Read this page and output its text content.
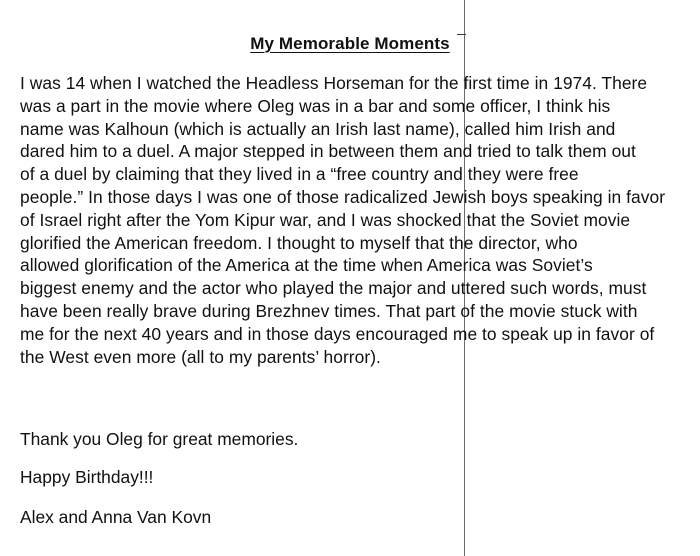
My Memorable Moments
I was 14 when I watched the Headless Horseman for the first time in 1974. There
was a part in the movie where Oleg was in a bar and some officer, I think his
name was Kalhoun (which is actually an Irish last name), called him Irish and
dared him to a duel. A major stepped in between them and tried to talk them out
of a duel by claiming that they lived in a “free country and they were free
people.” In those days I was one of those radicalized Jewish boys speaking in favor
of Israel right after the Yom Kipur war, and I was shocked that the Soviet movie
glorified the American freedom. I thought to myself that the director, who
allowed glorification of the America at the time when America was Soviet’s
biggest enemy and the actor who played the major and uttered such words, must
have been really brave during Brezhnev times. That part of the movie stuck with
me for the next 40 years and in those days encouraged me to speak up in favor of
the West even more (all to my parents’ horror).

Thank you Oleg for great memories.

Happy Birthday!!!

Alex and Anna Van Kovn
